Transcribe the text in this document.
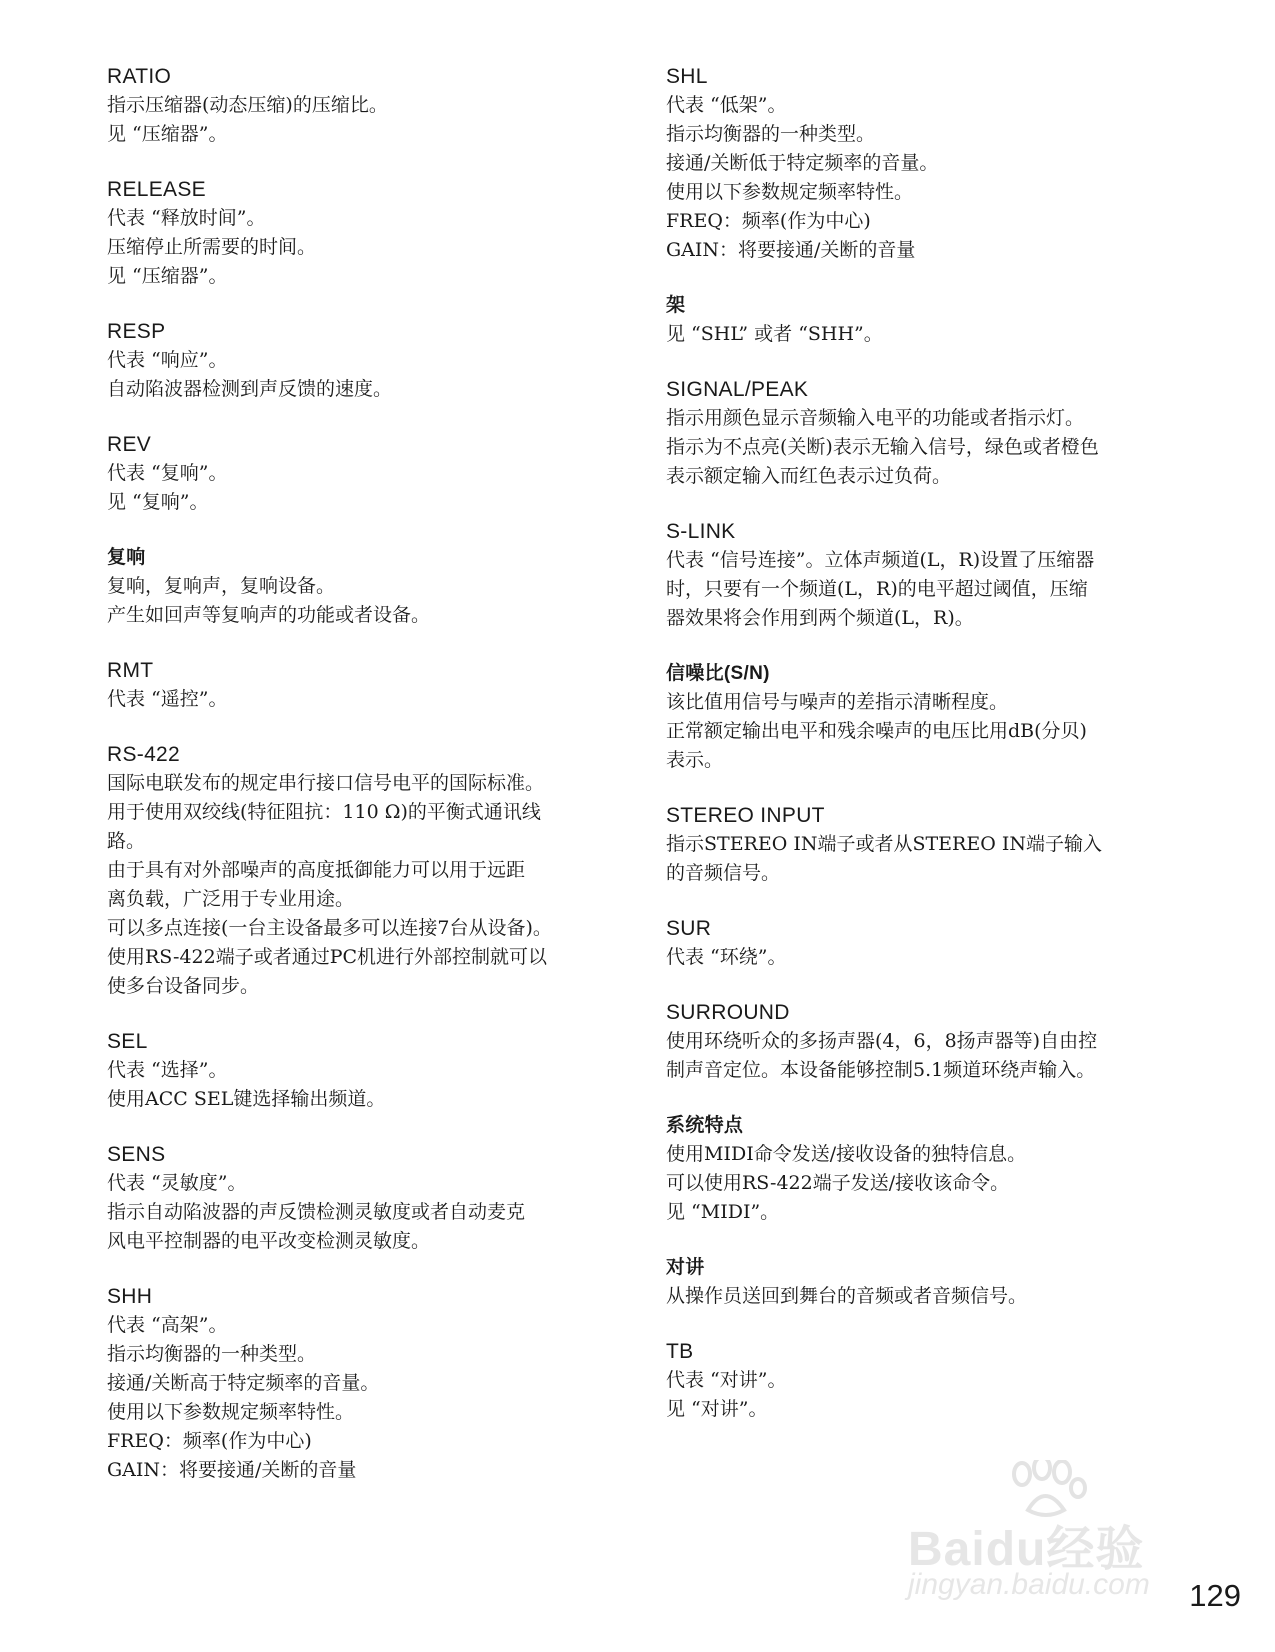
RATIO
指示压缩器(动态压缩)的压缩比。
见 “压缩器”。
RELEASE
代表 “释放时间”。
压缩停止所需要的时间。
见 “压缩器”。
RESP
代表 “响应”。
自动陷波器检测到声反馈的速度。
REV
代表 “复响”。
见 “复响”。
复响
复响，复响声，复响设备。
产生如回声等复响声的功能或者设备。
RMT
代表 “遥控”。
RS-422
国际电联发布的规定串行接口信号电平的国际标准。
用于使用双绞线(特征阻抗：110 Ω)的平衡式通讯线
路。
由于具有对外部噪声的高度抵御能力可以用于远距
离负载，广泛用于专业用途。
可以多点连接(一台主设备最多可以连接7台从设备)。
使用RS-422端子或者通过PC机进行外部控制就可以
使多台设备同步。
SEL
代表 “选择”。
使用ACC SEL键选择输出频道。
SENS
代表 “灵敏度”。
指示自动陷波器的声反馈检测灵敏度或者自动麦克
风电平控制器的电平改变检测灵敏度。
SHH
代表 “高架”。
指示均衡器的一种类型。
接通/关断高于特定频率的音量。
使用以下参数规定频率特性。
FREQ：频率(作为中心)
GAIN：将要接通/关断的音量
SHL
代表 “低架”。
指示均衡器的一种类型。
接通/关断低于特定频率的音量。
使用以下参数规定频率特性。
FREQ：频率(作为中心)
GAIN：将要接通/关断的音量
架
见 “SHL” 或者 “SHH”。
SIGNAL/PEAK
指示用颜色显示音频输入电平的功能或者指示灯。
指示为不点亮(关断)表示无输入信号，绿色或者橙色
表示额定输入而红色表示过负荷。
S-LINK
代表 “信号连接”。立体声频道(L，R)设置了压缩器
时，只要有一个频道(L，R)的电平超过阈值，压缩
器效果将会作用到两个频道(L，R)。
信噪比(S/N)
该比值用信号与噪声的差指示清晰程度。
正常额定输出电平和残余噪声的电压比用dB(分贝)
表示。
STEREO INPUT
指示STEREO IN端子或者从STEREO IN端子输入
的音频信号。
SUR
代表 “环绕”。
SURROUND
使用环绕听众的多扬声器(4，6，8扬声器等)自由控
制声音定位。本设备能够控制5.1频道环绕声输入。
系统特点
使用MIDI命令发送/接收设备的独特信息。
可以使用RS-422端子发送/接收该命令。
见 “MIDI”。
对讲
从操作员送回到舞台的音频或者音频信号。
TB
代表 “对讲”。
见 “对讲”。
129
Baidu经验
jingyan.baidu.com
